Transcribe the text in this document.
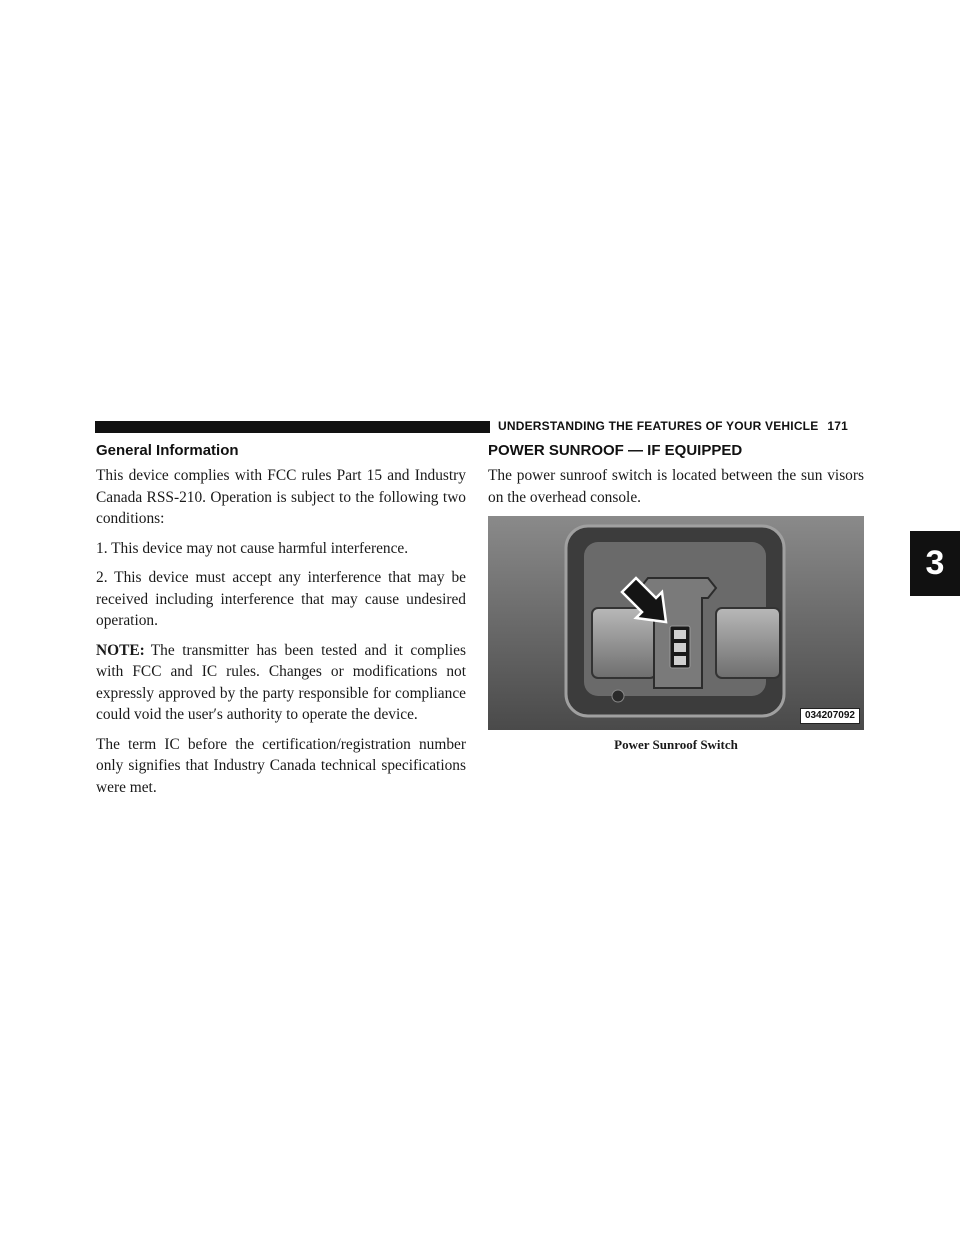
UNDERSTANDING THE FEATURES OF YOUR VEHICLE 171
3
General Information

This device complies with FCC rules Part 15 and Industry Canada RSS-210. Operation is subject to the following two conditions:

1. This device may not cause harmful interference.

2. This device must accept any interference that may be received including interference that may cause undesired operation.

NOTE: The transmitter has been tested and it complies with FCC and IC rules. Changes or modifications not expressly approved by the party responsible for compliance could void the user′s authority to operate the device.

The term IC before the certification/registration number only signifies that Industry Canada technical specifications were met.

POWER SUNROOF — IF EQUIPPED

The power sunroof switch is located between the sun visors on the overhead console.

034207092
Power Sunroof Switch
